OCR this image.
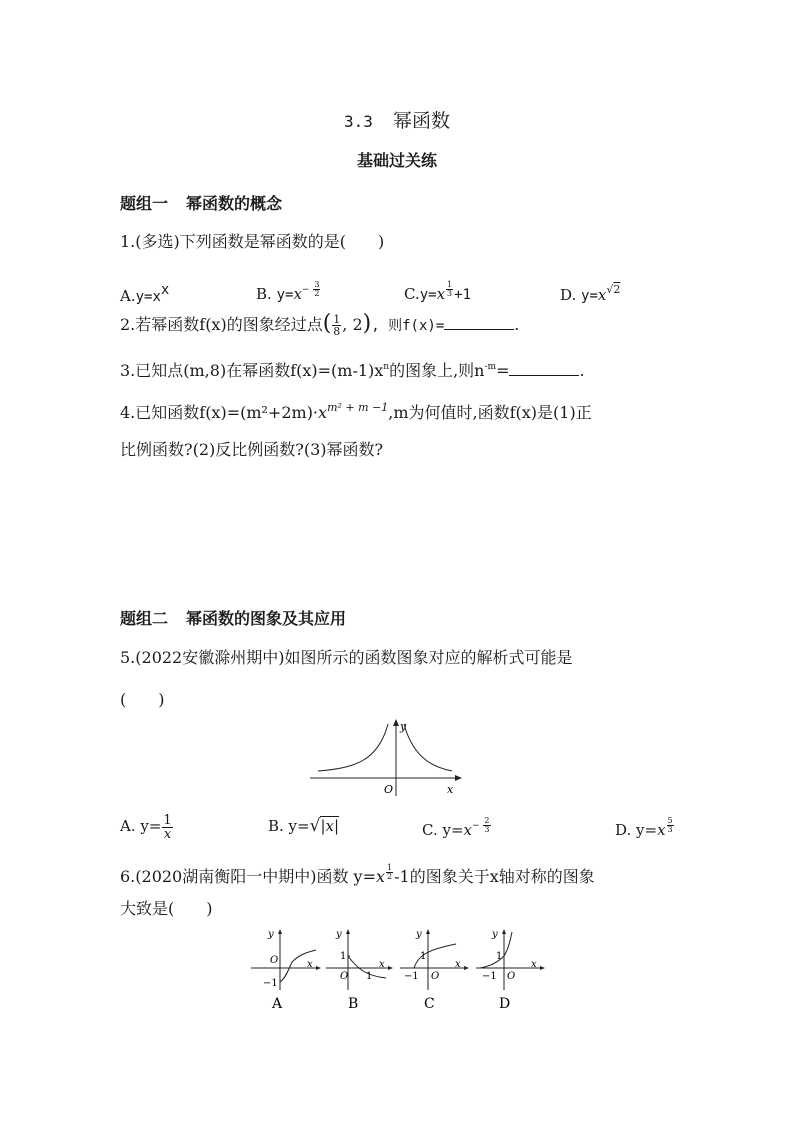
3.3 幂函数
基础过关练
题组一 幂函数的概念
1.(多选)下列函数是幂函数的是(　　)
$A.y=x^x$	B. $y=x^{- \frac{3}{2}}$	C.y=x $^{\frac{1}{3}}$ +1	D. $y=x^{√2}$
2.若幂函数f(x)的图象经过点( $\frac{1}{8}$ , 2), 则f(x)=	.
3.已知点(m,8)在幂函数$f(x)=(m-1)x^n$的图象上,则$n^{-m}=$	.
4.已知函数$f(x)=(m^2+2m)\cdot x^{m^2 + m -1},m$为何值时,函数f(x)是(1)正
比例函数?(2)反比例函数?(3)幂函数?
题组二 幂函数的图象及其应用
5.(2022安徽滁州期中)如图所示的函数图象对应的解析式可能是
(　　)
y
O	x
A. $y= \frac{1}{x}$	B. y=√|x|	C. $y=x^{- \frac{2}{3}}$	D. y=x $^{\frac{5}{3}}$
6.(2020湖南衡阳一中期中)函数 y=x $^{\frac{1}{2}}$ -1的图象关于x轴对称的图象
大致是(　　)
y
O
−1
x
A
y
1
O 1
x
B
y
1
−1 O
x
C
y
1
−1 O
x
D
